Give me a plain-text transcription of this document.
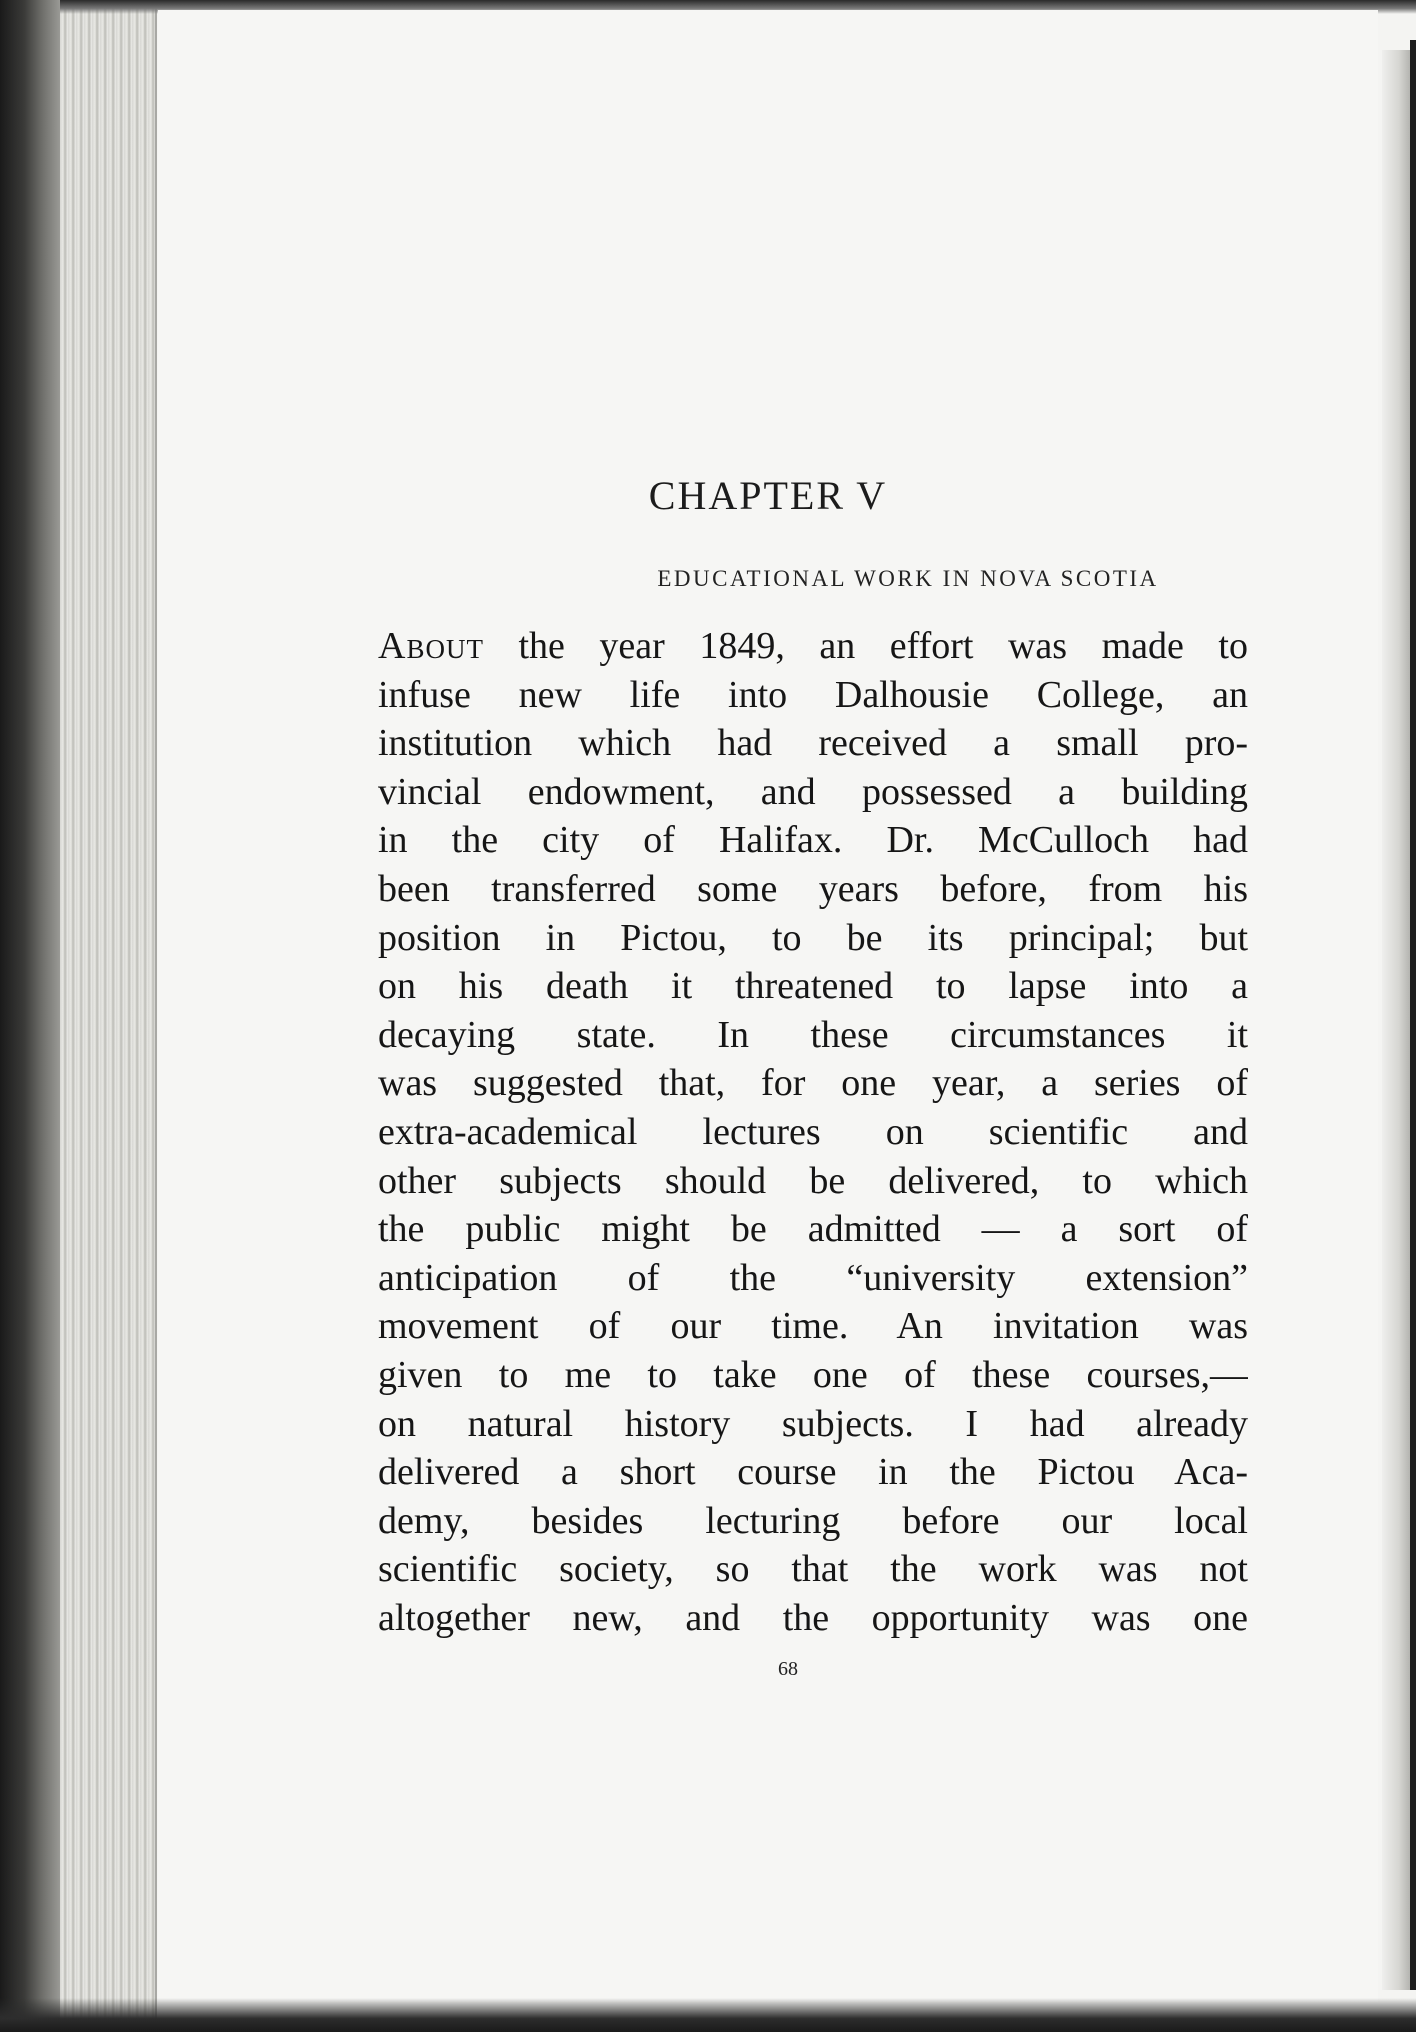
CHAPTER V
EDUCATIONAL WORK IN NOVA SCOTIA
About the year 1849, an effort was made to
infuse new life into Dalhousie College, an
institution which had received a small pro-
vincial endowment, and possessed a building
in the city of Halifax. Dr. McCulloch had
been transferred some years before, from his
position in Pictou, to be its principal; but
on his death it threatened to lapse into a
decaying state. In these circumstances it
was suggested that, for one year, a series of
extra-academical lectures on scientific and
other subjects should be delivered, to which
the public might be admitted — a sort of
anticipation of the “university extension”
movement of our time. An invitation was
given to me to take one of these courses,—
on natural history subjects. I had already
delivered a short course in the Pictou Aca-
demy, besides lecturing before our local
scientific society, so that the work was not
altogether new, and the opportunity was one
68
